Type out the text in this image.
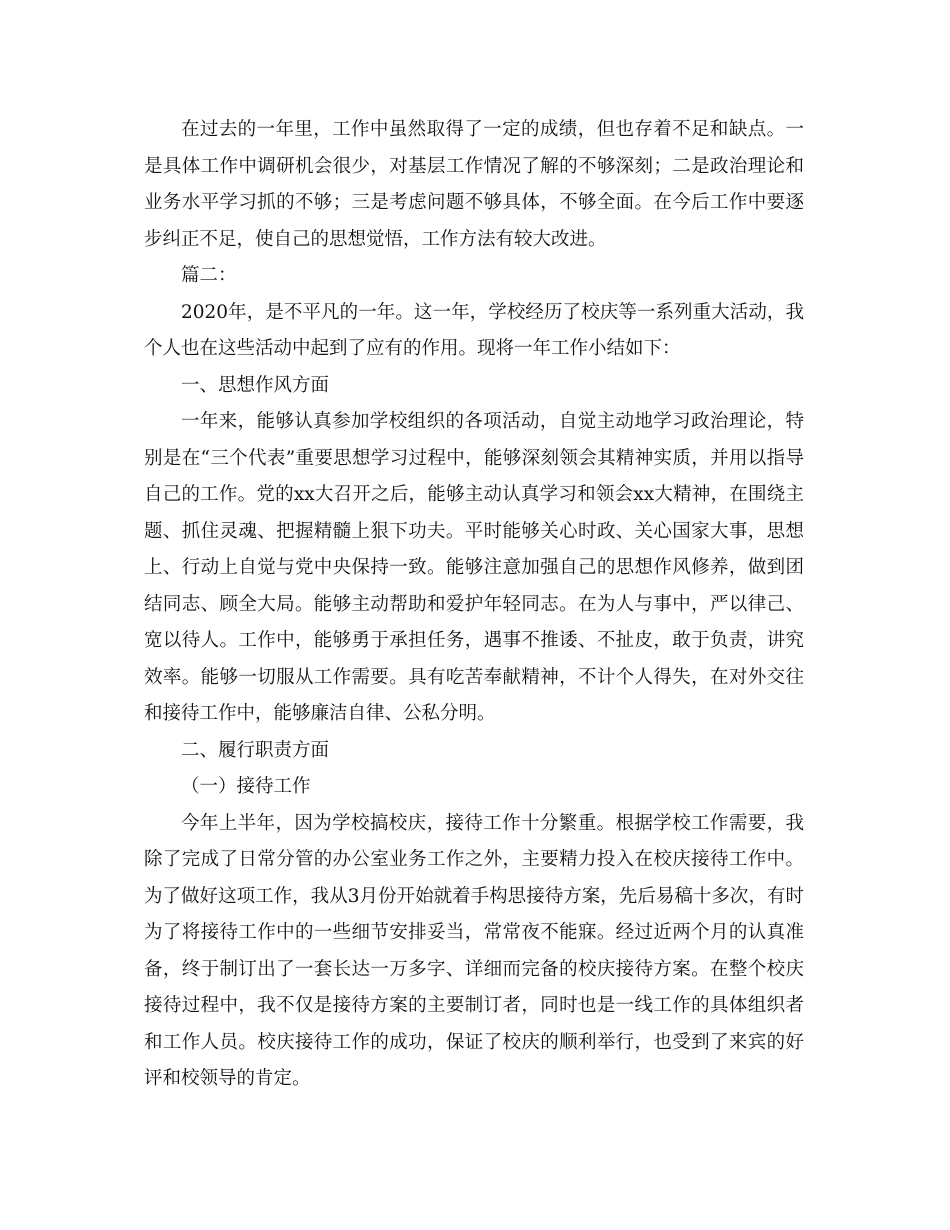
在过去的一年里，工作中虽然取得了一定的成绩，但也存着不足和缺点。一是具体工作中调研机会很少，对基层工作情况了解的不够深刻；二是政治理论和业务水平学习抓的不够；三是考虑问题不够具体，不够全面。在今后工作中要逐步纠正不足，使自己的思想觉悟，工作方法有较大改进。

篇二：

2020年，是不平凡的一年。这一年，学校经历了校庆等一系列重大活动，我个人也在这些活动中起到了应有的作用。现将一年工作小结如下：

一、思想作风方面

一年来，能够认真参加学校组织的各项活动，自觉主动地学习政治理论，特别是在“三个代表”重要思想学习过程中，能够深刻领会其精神实质，并用以指导自己的工作。党的xx大召开之后，能够主动认真学习和领会xx大精神，在围绕主题、抓住灵魂、把握精髓上狠下功夫。平时能够关心时政、关心国家大事，思想上、行动上自觉与党中央保持一致。能够注意加强自己的思想作风修养，做到团结同志、顾全大局。能够主动帮助和爱护年轻同志。在为人与事中，严以律己、宽以待人。工作中，能够勇于承担任务，遇事不推诿、不扯皮，敢于负责，讲究效率。能够一切服从工作需要。具有吃苦奉献精神，不计个人得失，在对外交往和接待工作中，能够廉洁自律、公私分明。

二、履行职责方面

（一）接待工作

今年上半年，因为学校搞校庆，接待工作十分繁重。根据学校工作需要，我除了完成了日常分管的办公室业务工作之外，主要精力投入在校庆接待工作中。为了做好这项工作，我从3月份开始就着手构思接待方案，先后易稿十多次，有时为了将接待工作中的一些细节安排妥当，常常夜不能寐。经过近两个月的认真准备，终于制订出了一套长达一万多字、详细而完备的校庆接待方案。在整个校庆接待过程中，我不仅是接待方案的主要制订者，同时也是一线工作的具体组织者和工作人员。校庆接待工作的成功，保证了校庆的顺利举行，也受到了来宾的好评和校领导的肯定。
